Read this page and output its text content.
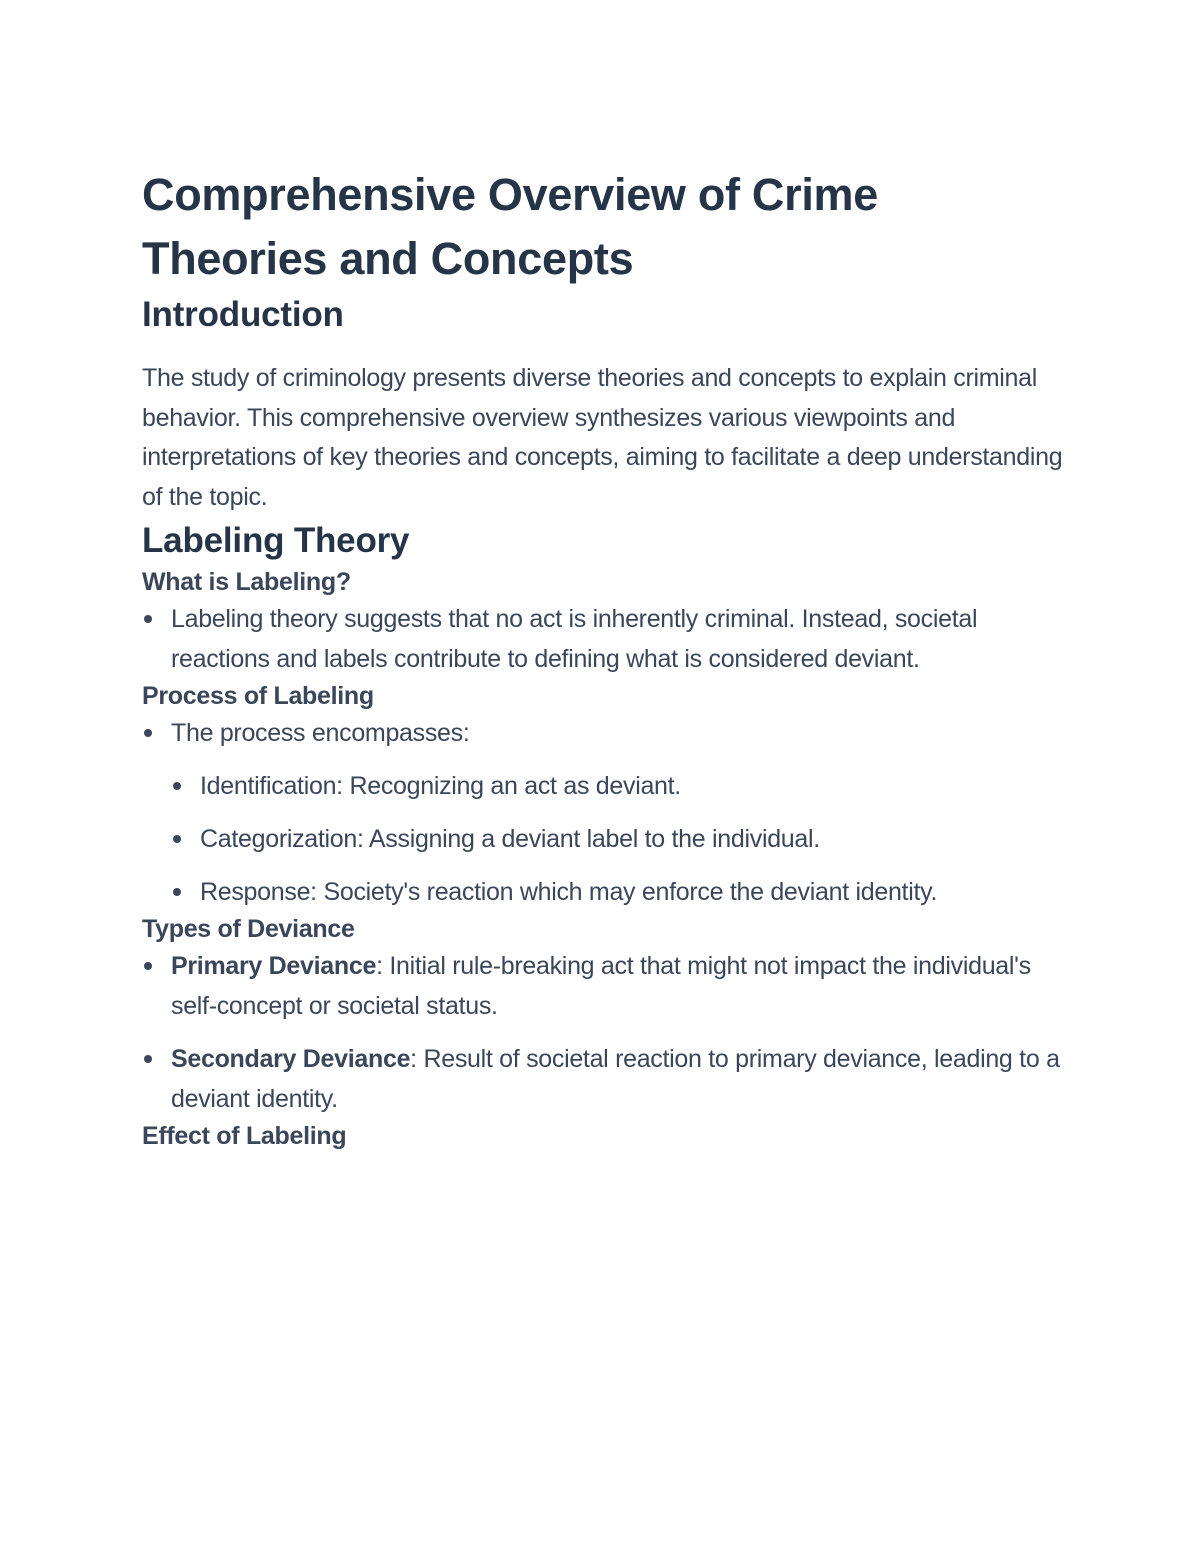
Comprehensive Overview of Crime Theories and Concepts
Introduction

The study of criminology presents diverse theories and concepts to explain criminal behavior. This comprehensive overview synthesizes various viewpoints and interpretations of key theories and concepts, aiming to facilitate a deep understanding of the topic.

Labeling Theory
What is Labeling?
Labeling theory suggests that no act is inherently criminal. Instead, societal reactions and labels contribute to defining what is considered deviant.
Process of Labeling
The process encompasses:
Identification: Recognizing an act as deviant.
Categorization: Assigning a deviant label to the individual.
Response: Society's reaction which may enforce the deviant identity.
Types of Deviance
Primary Deviance: Initial rule-breaking act that might not impact the individual's self-concept or societal status.
Secondary Deviance: Result of societal reaction to primary deviance, leading to a deviant identity.
Effect of Labeling
